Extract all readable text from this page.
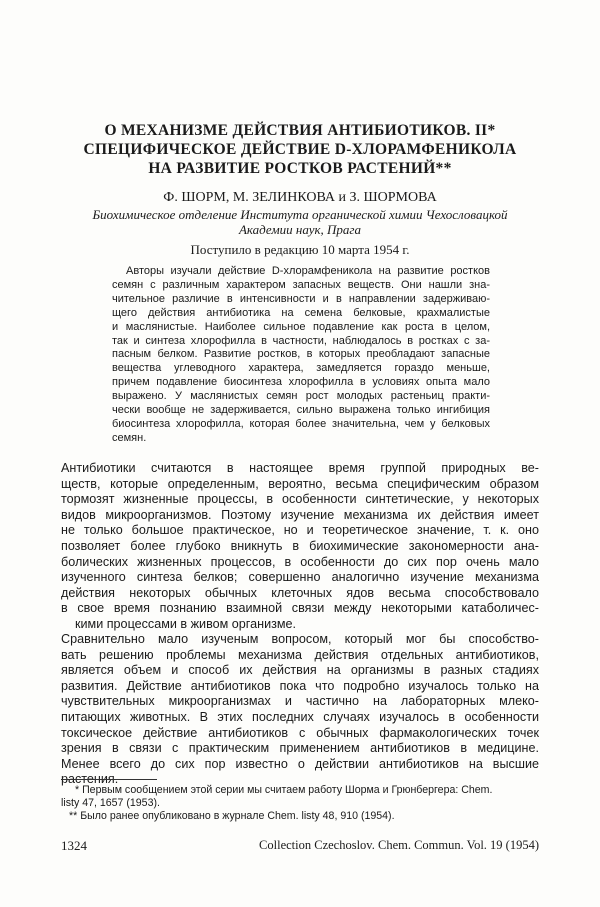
О МЕХАНИЗМЕ ДЕЙСТВИЯ АНТИБИОТИКОВ. II*
СПЕЦИФИЧЕСКОЕ ДЕЙСТВИЕ D-ХЛОРАМФЕНИКОЛА
НА РАЗВИТИЕ РОСТКОВ РАСТЕНИЙ**
Ф. ШОРМ, М. ЗЕЛИНКОВА и З. ШОРМОВА
Биохимическое отделение Института органической химии Чехословацкой
Академии наук, Прага
Поступило в редакцию 10 марта 1954 г.
Авторы изучали действие D-хлорамфеникола на развитие ростков
семян с различным характером запасных веществ. Они нашли зна-
чительное различие в интенсивности и в направлении задерживаю-
щего действия антибиотика на семена белковые, крахмалистые
и маслянистые. Наиболее сильное подавление как роста в целом,
так и синтеза хлорофилла в частности, наблюдалось в ростках с за-
пасным белком. Развитие ростков, в которых преобладают запасные
вещества углеводного характера, замедляется гораздо меньше,
причем подавление биосинтеза хлорофилла в условиях опыта мало
выражено. У маслянистых семян рост молодых растеньиц практи-
чески вообще не задерживается, сильно выражена только ингибиция
биосинтеза хлорофилла, которая более значительна, чем у белковых
семян.
Антибиотики считаются в настоящее время группой природных ве-
ществ, которые определенным, вероятно, весьма специфическим образом
тормозят жизненные процессы, в особенности синтетические, у некоторых
видов микроорганизмов. Поэтому изучение механизма их действия имеет
не только большое практическое, но и теоретическое значение, т. к. оно
позволяет более глубоко вникнуть в биохимические закономерности ана-
болических жизненных процессов, в особенности до сих пор очень мало
изученного синтеза белков; совершенно аналогично изучение механизма
действия некоторых обычных клеточных ядов весьма способствовало
в свое время познанию взаимной связи между некоторыми катаболичес-
кими процессами в живом организме.
Сравнительно мало изученым вопросом, который мог бы способство-
вать решению проблемы механизма действия отдельных антибиотиков,
является объем и способ их действия на организмы в разных стадиях
развития. Действие антибиотиков пока что подробно изучалось только на
чувствительных микроорганизмах и частично на лабораторных млеко-
питающих животных. В этих последних случаях изучалось в особенности
токсическое действие антибиотиков с обычных фармакологических точек
зрения в связи с практическим применением антибиотиков в медицине.
Менее всего до сих пор известно о действии антибиотиков на высшие
растения.
* Первым сообщением этой серии мы считаем работу Шорма и Грюнбергера: Chem.
listy 47, 1657 (1953).
** Было ранее опубликовано в журнале Chem. listy 48, 910 (1954).
1324	Collection Czechoslov. Chem. Commun. Vol. 19 (1954)
